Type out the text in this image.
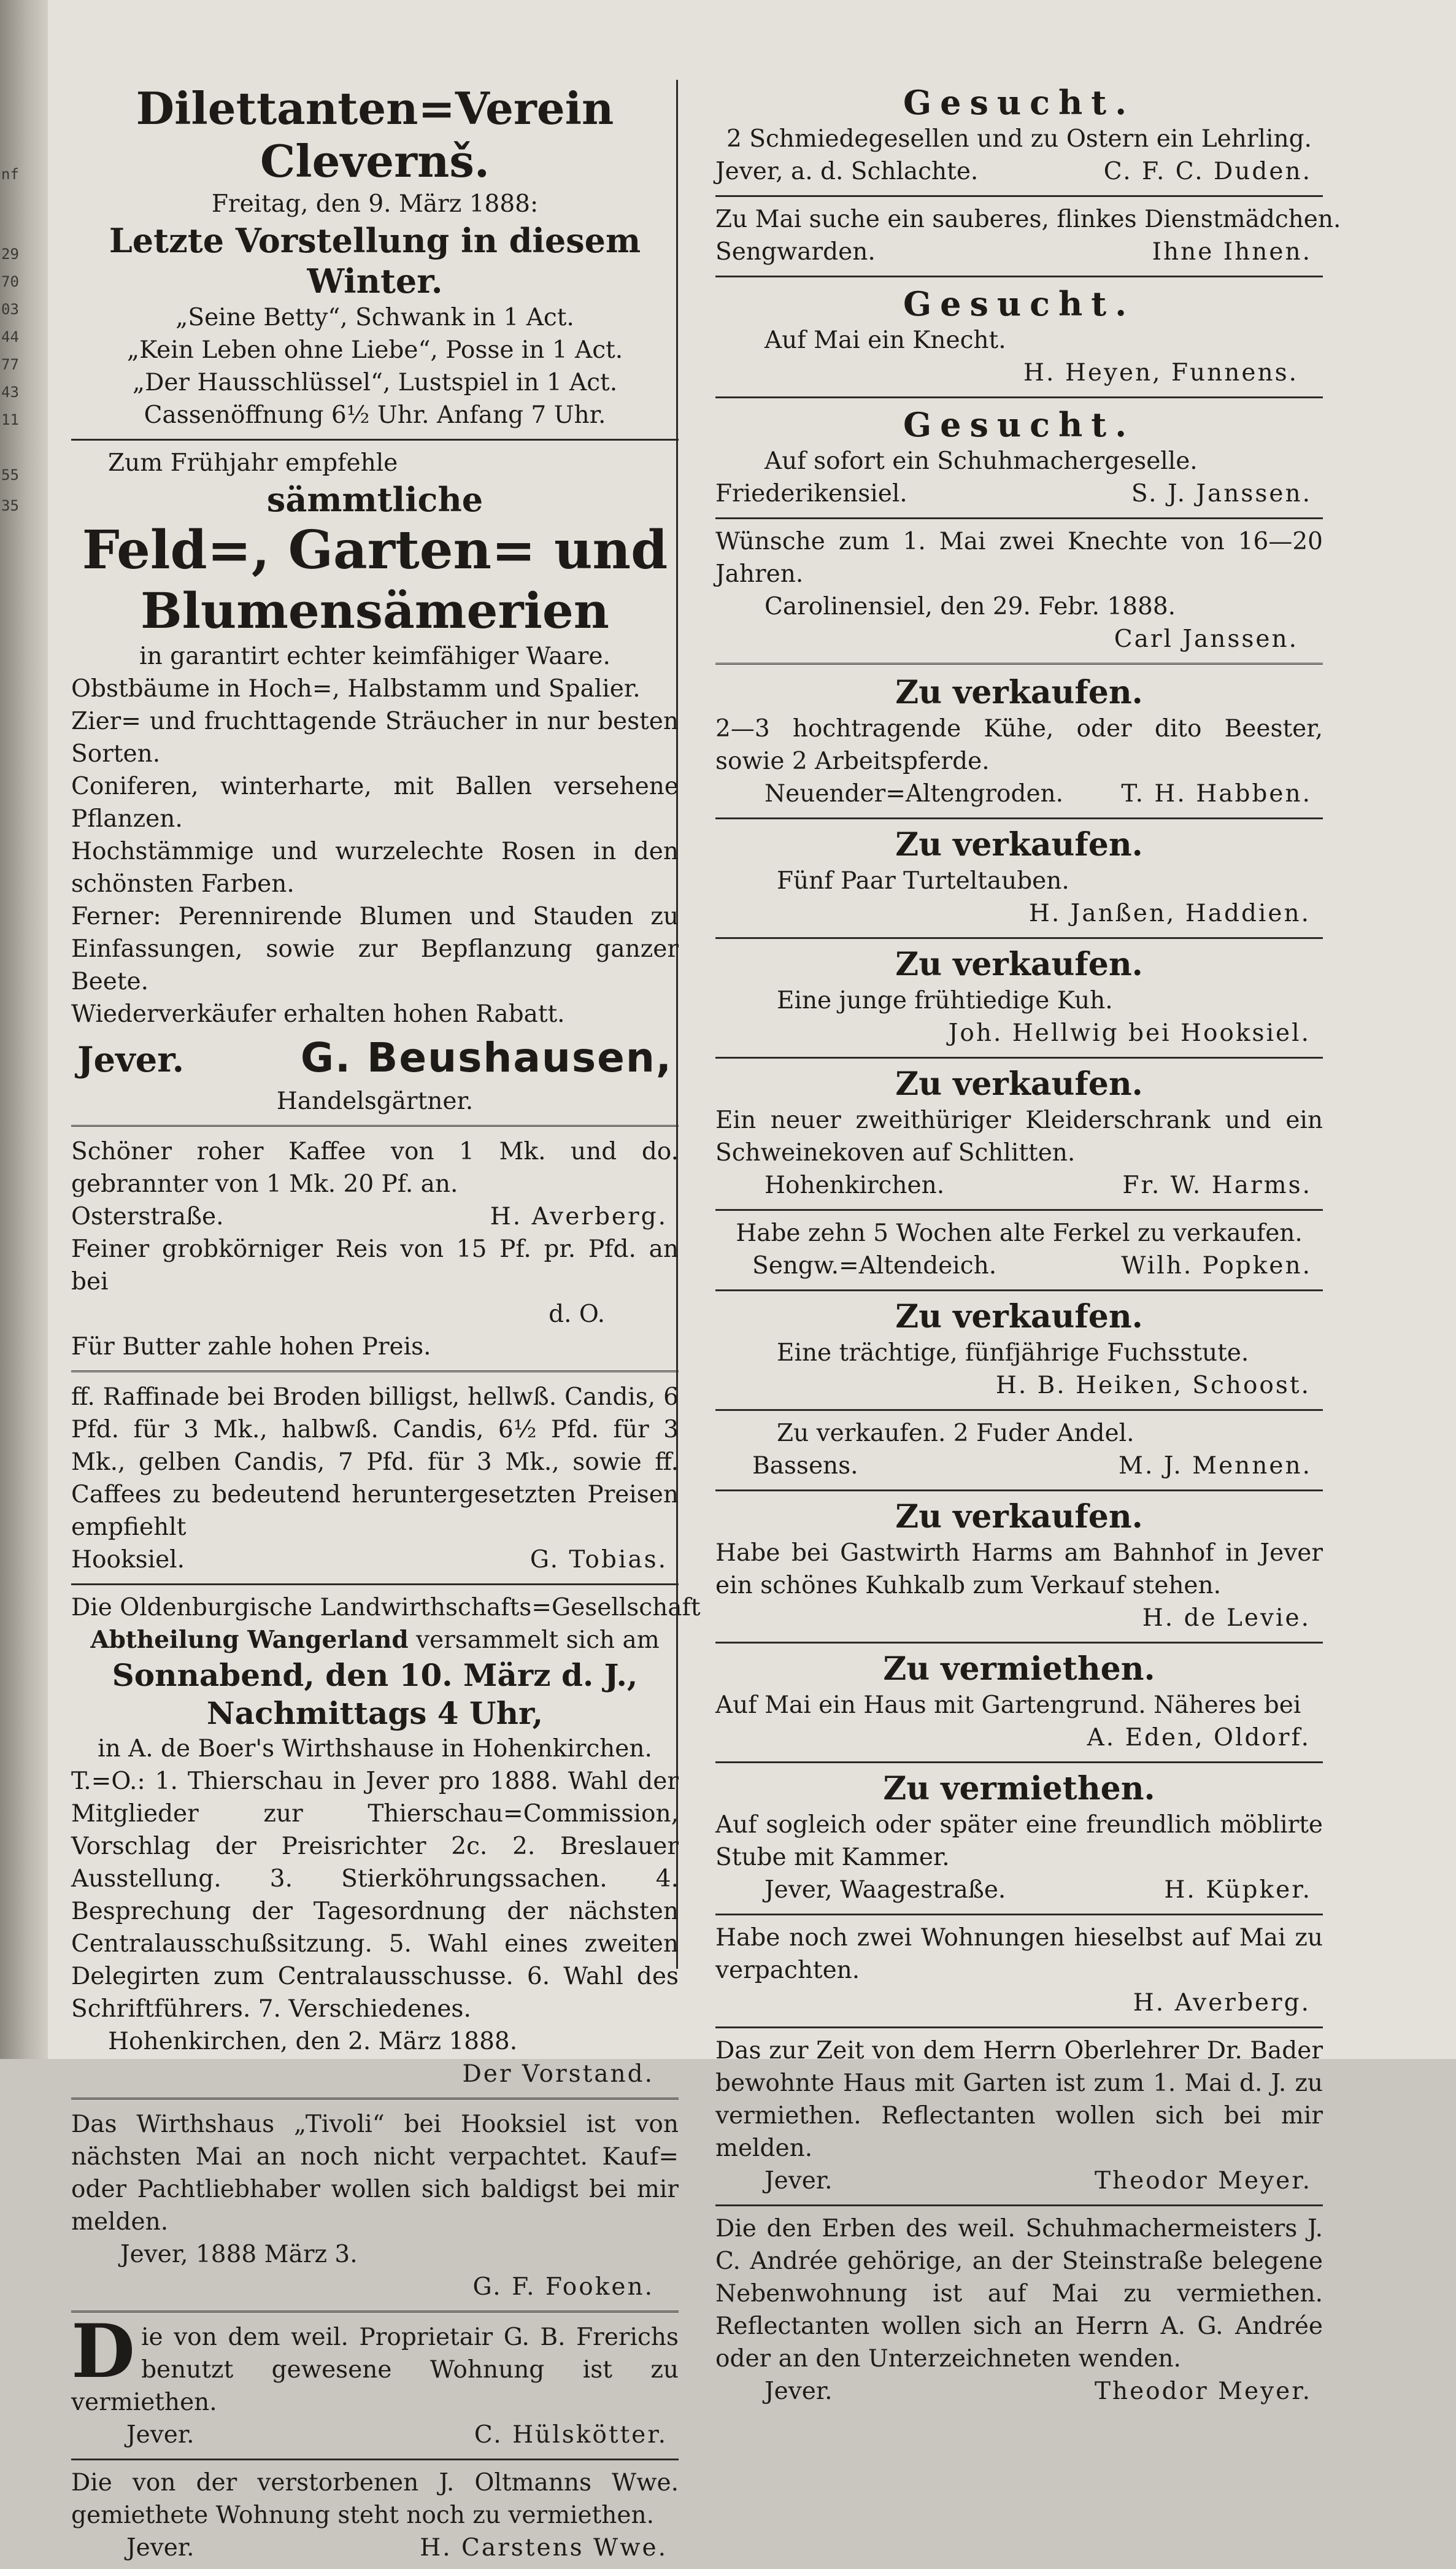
nf
29
70
03
44
77
43
11
55
35
Dilettanten=Verein Clevernš.
Freitag, den 9. März 1888:
Letzte Vorstellung in diesem Winter.
„Seine Betty“, Schwank in 1 Act.
„Kein Leben ohne Liebe“, Posse in 1 Act.
„Der Hausschlüssel“, Lustspiel in 1 Act.
Cassenöffnung 6½ Uhr. Anfang 7 Uhr.
Zum Frühjahr empfehle
sämmtliche
Feld=, Garten= und
Blumensämerien
in garantirt echter keimfähiger Waare.
Obstbäume in Hoch=, Halbstamm und Spalier.
Zier= und fruchttagende Sträucher in nur besten Sorten.
Coniferen, winterharte, mit Ballen versehene Pflanzen.
Hochstämmige und wurzelechte Rosen in den schönsten Farben.
Ferner: Perennirende Blumen und Stauden zu Einfassungen, sowie zur Bepflanzung ganzer Beete.
Wiederverkäufer erhalten hohen Rabatt.
Jever.	G. Beushausen,
Handelsgärtner.
Schöner roher Kaffee von 1 Mk. und do. gebrannter von 1 Mk. 20 Pf. an.
Osterstraße.	H. Averberg.
Feiner grobkörniger Reis von 15 Pf. pr. Pfd. an bei
d. O.
Für Butter zahle hohen Preis.
ff. Raffinade bei Broden billigst, hellwß. Candis, 6 Pfd. für 3 Mk., halbwß. Candis, 6½ Pfd. für 3 Mk., gelben Candis, 7 Pfd. für 3 Mk., sowie ff. Caffees zu bedeutend heruntergesetzten Preisen empfiehlt
Hooksiel.	G. Tobias.
Die Oldenburgische Landwirthschafts=Gesellschaft
Abtheilung Wangerland versammelt sich am
Sonnabend, den 10. März d. J.,
Nachmittags 4 Uhr,
in A. de Boer's Wirthshause in Hohenkirchen.
T.=O.: 1. Thierschau in Jever pro 1888. Wahl der Mitglieder zur Thierschau=Commission, Vorschlag der Preisrichter 2c. 2. Breslauer Ausstellung. 3. Stierköhrungssachen. 4. Besprechung der Tagesordnung der nächsten Centralausschußsitzung. 5. Wahl eines zweiten Delegirten zum Centralausschusse. 6. Wahl des Schriftführers. 7. Verschiedenes.
Hohenkirchen, den 2. März 1888.
Der Vorstand.
Das Wirthshaus „Tivoli“ bei Hooksiel ist von nächsten Mai an noch nicht verpachtet. Kauf= oder Pachtliebhaber wollen sich baldigst bei mir melden.
Jever, 1888 März 3.
G. F. Fooken.
D ie von dem weil. Proprietair G. B. Frerichs benutzt gewesene Wohnung ist zu vermiethen.
Jever.	C. Hülskötter.
Die von der verstorbenen J. Oltmanns Wwe. gemiethete Wohnung steht noch zu vermiethen.
Jever.	H. Carstens Wwe.
Gesucht.
2 Schmiedegesellen und zu Ostern ein Lehrling.
Jever, a. d. Schlachte.	C. F. C. Duden.
Zu Mai suche ein sauberes, flinkes Dienstmädchen.
Sengwarden.	Ihne Ihnen.
Gesucht.
Auf Mai ein Knecht.
H. Heyen, Funnens.
Gesucht.
Auf sofort ein Schuhmachergeselle.
Friederikensiel.	S. J. Janssen.
Wünsche zum 1. Mai zwei Knechte von 16—20 Jahren.
Carolinensiel, den 29. Febr. 1888.
Carl Janssen.
Zu verkaufen.
2—3 hochtragende Kühe, oder dito Beester, sowie 2 Arbeitspferde.
Neuender=Altengroden. T. H. Habben.
Zu verkaufen.
Fünf Paar Turteltauben.
H. Janßen, Haddien.
Zu verkaufen.
Eine junge frühtiedige Kuh.
Joh. Hellwig bei Hooksiel.
Zu verkaufen.
Ein neuer zweithüriger Kleiderschrank und ein Schweinekoven auf Schlitten.
Hohenkirchen.	Fr. W. Harms.
Habe zehn 5 Wochen alte Ferkel zu verkaufen.
Sengw.=Altendeich.	Wilh. Popken.
Zu verkaufen.
Eine trächtige, fünfjährige Fuchsstute.
H. B. Heiken, Schoost.
Zu verkaufen. 2 Fuder Andel.
Bassens.	M. J. Mennen.
Zu verkaufen.
Habe bei Gastwirth Harms am Bahnhof in Jever ein schönes Kuhkalb zum Verkauf stehen.
H. de Levie.
Zu vermiethen.
Auf Mai ein Haus mit Gartengrund. Näheres bei
A. Eden, Oldorf.
Zu vermiethen.
Auf sogleich oder später eine freundlich möblirte Stube mit Kammer.
Jever, Waagestraße.	H. Küpker.
Habe noch zwei Wohnungen hieselbst auf Mai zu verpachten.
H. Averberg.
Das zur Zeit von dem Herrn Oberlehrer Dr. Bader bewohnte Haus mit Garten ist zum 1. Mai d. J. zu vermiethen. Reflectanten wollen sich bei mir melden.
Jever.	Theodor Meyer.
Die den Erben des weil. Schuhmachermeisters J. C. Andrée gehörige, an der Steinstraße belegene Nebenwohnung ist auf Mai zu vermiethen. Reflectanten wollen sich an Herrn A. G. Andrée oder an den Unterzeichneten wenden.
Jever.	Theodor Meyer.
